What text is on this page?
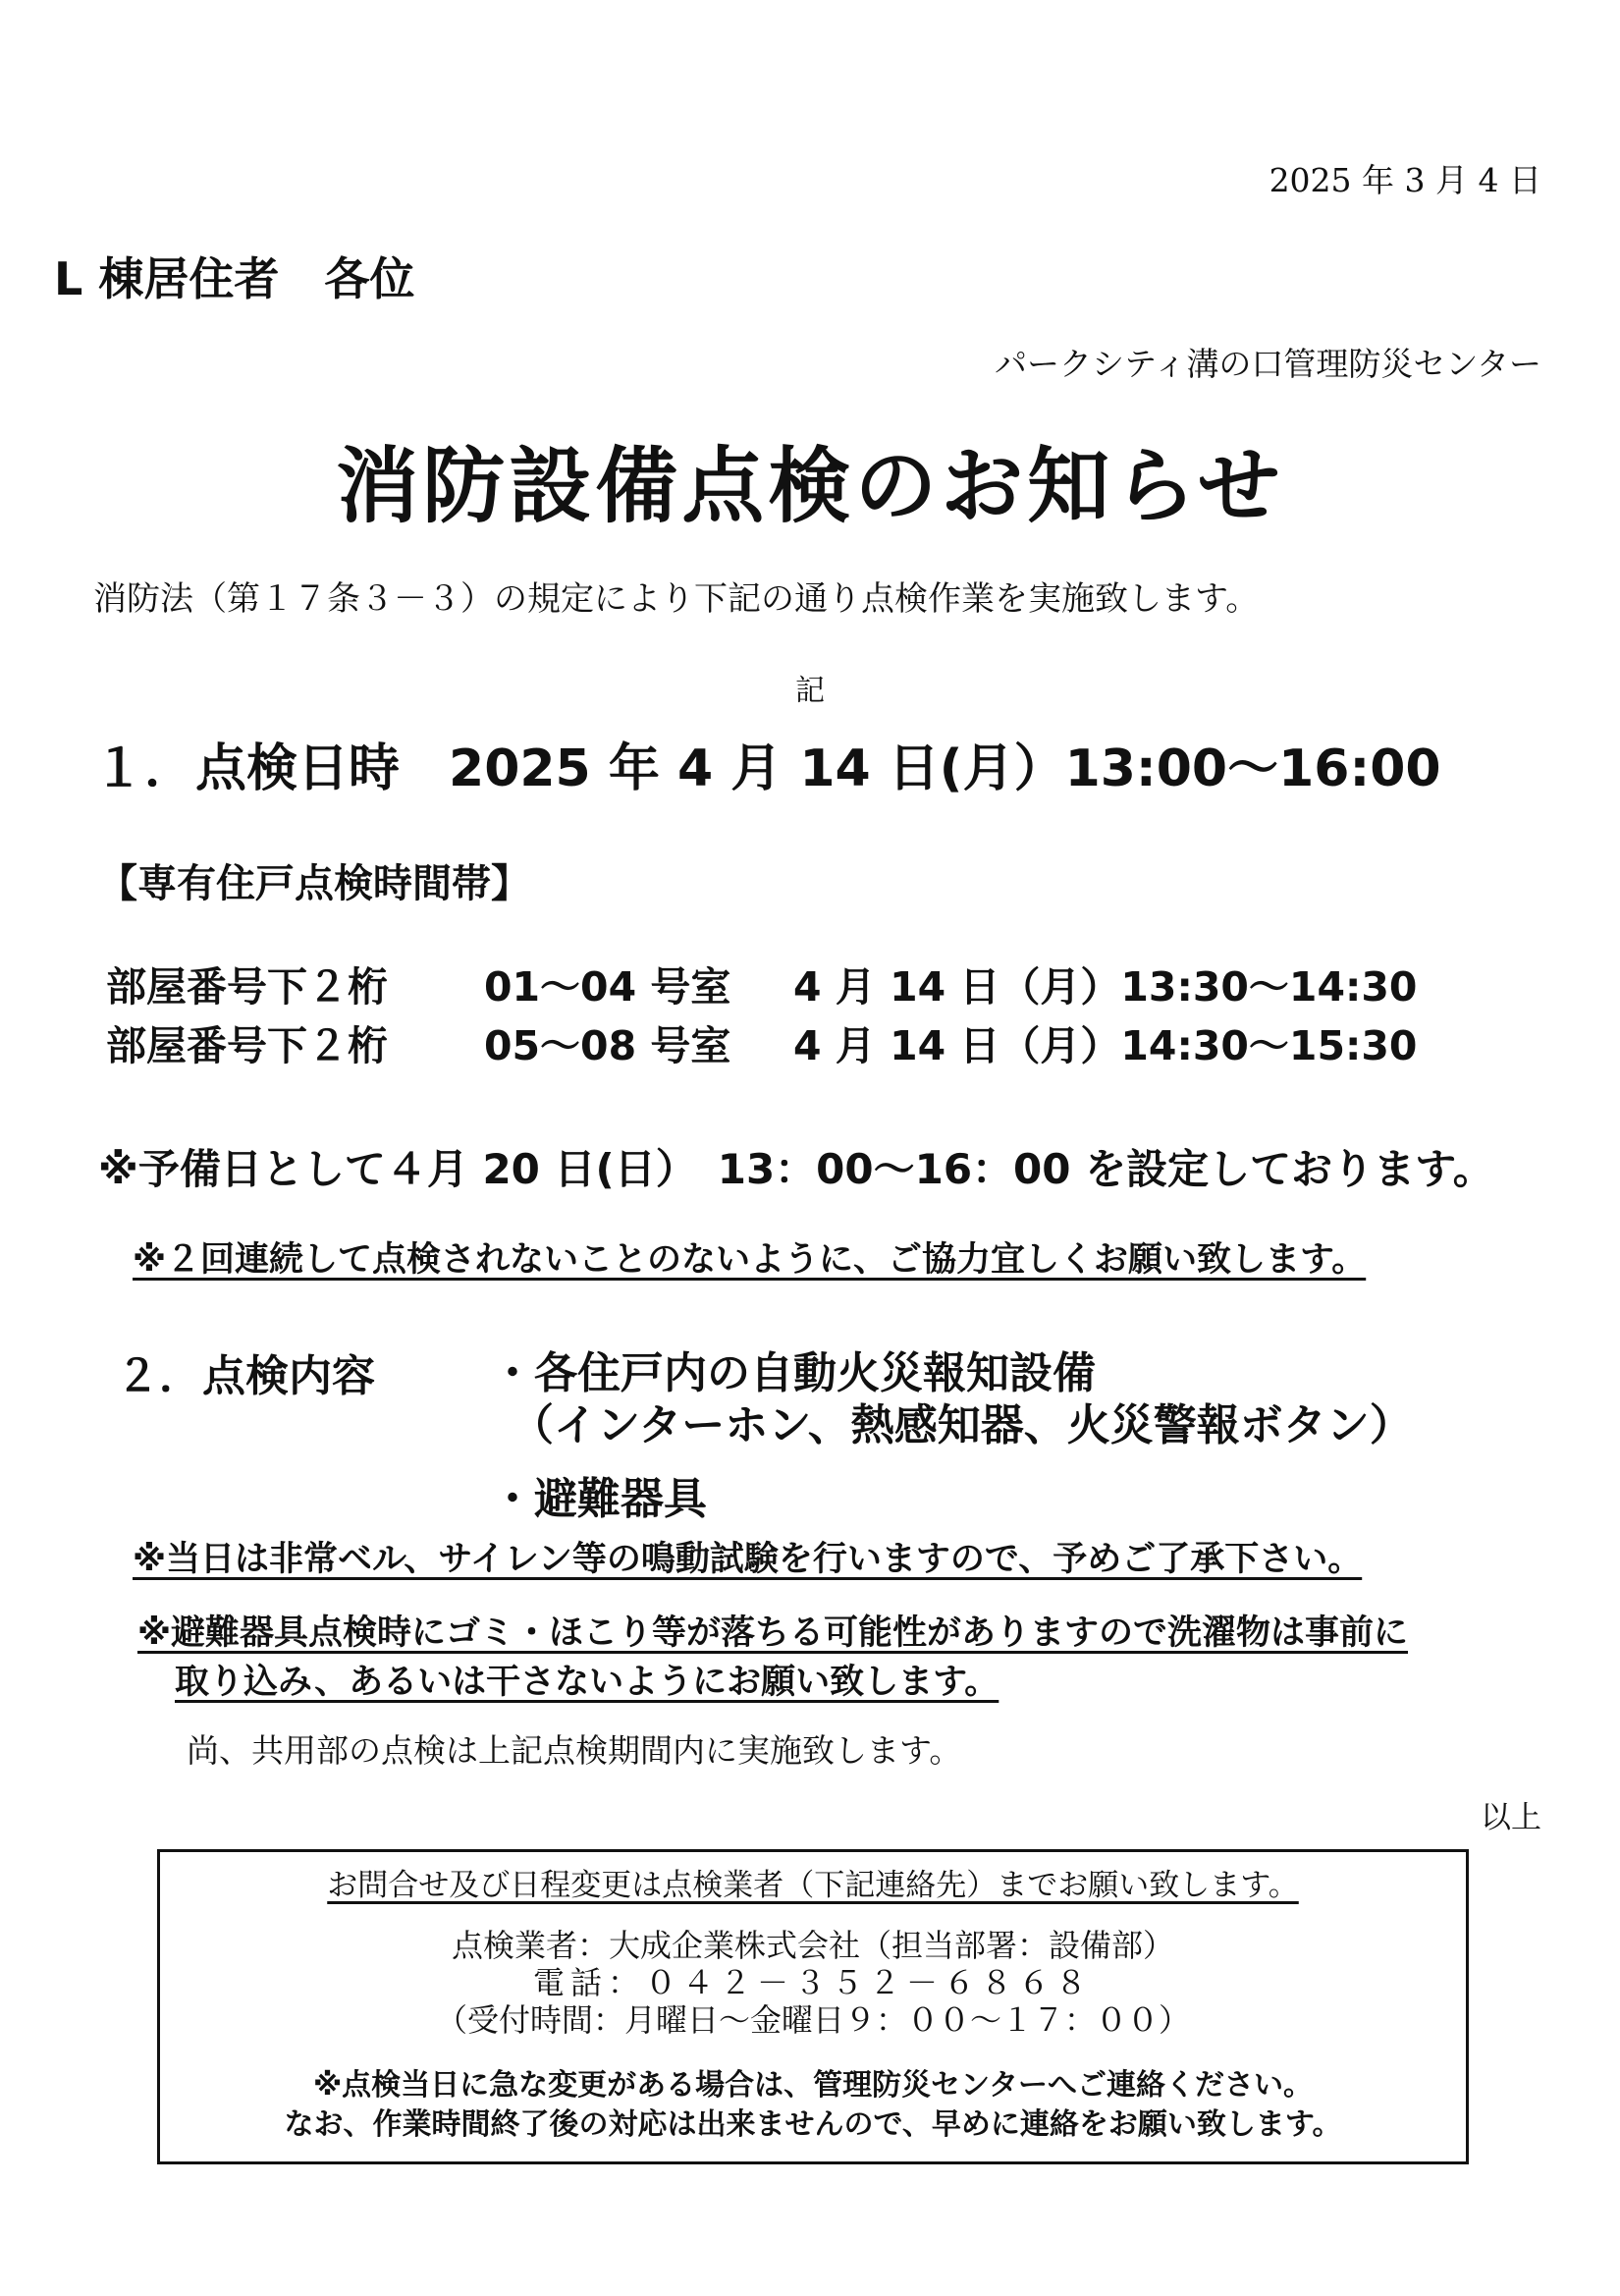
2025 年 3 月 4 日
L 棟居住者　各位
パークシティ溝の口管理防災センター
消防設備点検のお知らせ
消防法（第１７条３－３）の規定により下記の通り点検作業を実施致します。
記
１．点検日時 2025 年 4 月 14 日(月）13:00～16:00
【専有住戸点検時間帯】
部屋番号下２桁 01～04 号室 4 月 14 日（月）13:30～14:30
部屋番号下２桁 05～08 号室 4 月 14 日（月）14:30～15:30
※予備日として４月 20 日(日）　13：00～16：00 を設定しております。
※２回連続して点検されないことのないように、ご協力宜しくお願い致します。
２．点検内容	・各住戸内の自動火災報知設備
（インターホン、熱感知器、火災警報ボタン）
・避難器具
※当日は非常ベル、サイレン等の鳴動試験を行いますので、予めご了承下さい。
※避難器具点検時にゴミ・ほこり等が落ちる可能性がありますので洗濯物は事前に
取り込み、あるいは干さないようにお願い致します。
尚、共用部の点検は上記点検期間内に実施致します。
以上
お問合せ及び日程変更は点検業者（下記連絡先）までお願い致します。
点検業者：大成企業株式会社（担当部署：設備部）
電話：０４２－３５２－６８６８
（受付時間：月曜日～金曜日９：００～１７：００）
※点検当日に急な変更がある場合は、管理防災センターへご連絡ください。
なお、作業時間終了後の対応は出来ませんので、早めに連絡をお願い致します。
